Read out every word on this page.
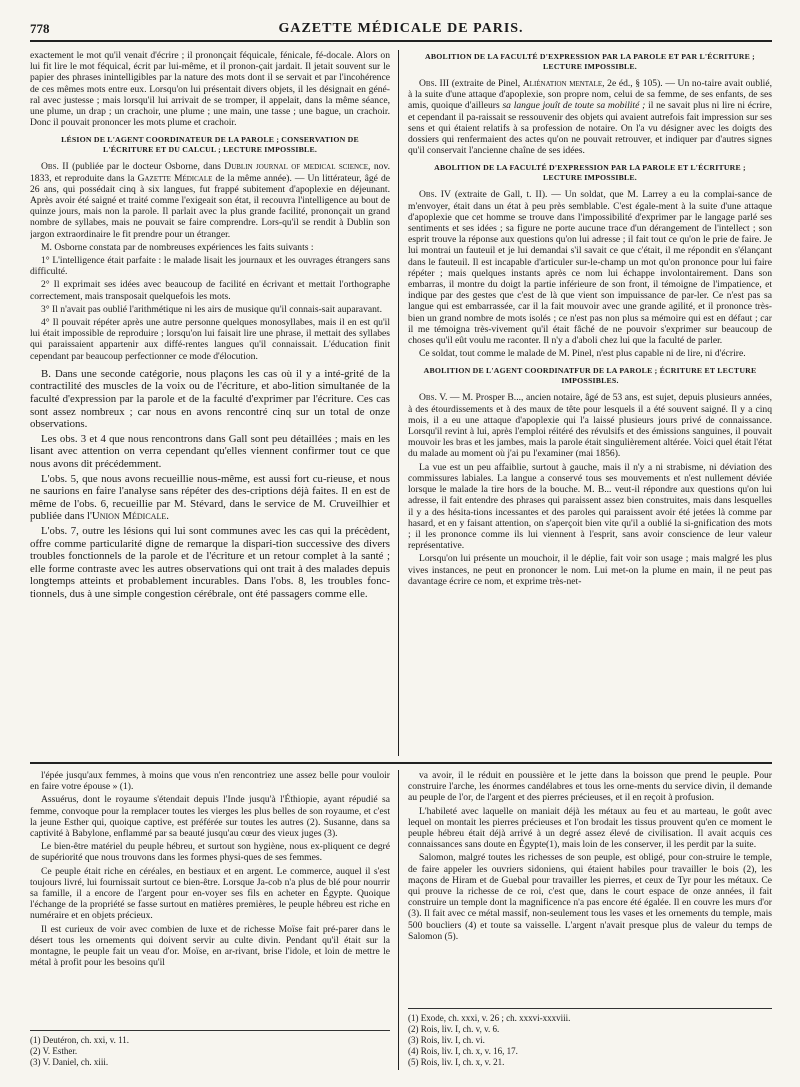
778	GAZETTE MÉDICALE DE PARIS.

exactement le mot qu'il venait d'écrire ; il prononçait féquicale, fénicale, fé-docale. Alors on lui fit lire le mot féquical, écrit par lui-même, et il pronon-çait jardait. Il jetait souvent sur le papier des phrases inintelligibles par la nature des mots dont il se servait et par l'incohérence de ces mêmes mots entre eux. Lorsqu'on lui présentait divers objets, il les désignait en géné-ral avec justesse ; mais lorsqu'il lui arrivait de se tromper, il appelait, dans la même séance, une plume, un drap ; un crachoir, une plume ; une main, une tasse ; une bague, un crachoir. Donc il pouvait prononcer les mots plume et crachoir.

LÉSION DE L'AGENT COORDINATEUR DE LA PAROLE ; CONSERVATION DE L'ÉCRITURE ET DU CALCUL ; LECTURE IMPOSSIBLE.

Obs. II (publiée par le docteur Osborne, dans Dublin journal of medical science, nov. 1833, et reproduite dans la Gazette Médicale de la même année). — Un littérateur, âgé de 26 ans, qui possédait cinq à six langues, fut frappé subitement d'apoplexie en déjeunant. Après avoir été saigné et traité comme l'exigeait son état, il recouvra l'intelligence au bout de quinze jours, mais non la parole. Il parlait avec la plus grande facilité, prononçait un grand nombre de syllabes, mais ne pouvait se faire comprendre. Lors-qu'il se rendit à Dublin son jargon extraordinaire le fit prendre pour un étranger.

M. Osborne constata par de nombreuses expériences les faits suivants :

1° L'intelligence était parfaite : le malade lisait les journaux et les ouvrages étrangers sans difficulté.

2° Il exprimait ses idées avec beaucoup de facilité en écrivant et mettait l'orthographe correctement, mais transposait quelquefois les mots.

3° Il n'avait pas oublié l'arithmétique ni les airs de musique qu'il connais-sait auparavant.

4° Il pouvait répéter après une autre personne quelques monosyllabes, mais il en est qu'il lui était impossible de reproduire ; lorsqu'on lui faisait lire une phrase, il mettait des syllabes qui paraissaient appartenir aux diffé-rentes langues qu'il connaissait. L'éducation finit cependant par beaucoup perfectionner ce mode d'élocution.

B. Dans une seconde catégorie, nous plaçons les cas où il y a inté-grité de la contractilité des muscles de la voix ou de l'écriture, et abo-lition simultanée de la faculté d'expression par la parole et de la faculté d'exprimer par l'écriture. Ces cas sont assez nombreux ; car nous en avons rencontré cinq sur un total de onze observations.

Les obs. 3 et 4 que nous rencontrons dans Gall sont peu détaillées ; mais en les lisant avec attention on verra cependant qu'elles viennent confirmer tout ce que nous avons dit précédemment.

L'obs. 5, que nous avons recueillie nous-même, est aussi fort cu-rieuse, et nous ne saurions en faire l'analyse sans répéter des des-criptions déjà faites. Il en est de même de l'obs. 6, recueillie par M. Stévard, dans le service de M. Cruveilhier et publiée dans l'Union Médicale.

L'obs. 7, outre les lésions qui lui sont communes avec les cas qui la précèdent, offre comme particularité digne de remarque la dispari-tion successive des divers troubles fonctionnels de la parole et de l'écriture et un retour complet à la santé ; elle forme contraste avec les autres observations qui ont trait à des malades depuis longtemps atteints et probablement incurables. Dans l'obs. 8, les troubles fonc-tionnels, dus à une simple congestion cérébrale, ont été passagers comme elle.

ABOLITION DE LA FACULTÉ D'EXPRESSION PAR LA PAROLE ET PAR L'ÉCRITURE ; LECTURE IMPOSSIBLE.

Obs. III (extraite de Pinel, Aliénation mentale, 2e éd., § 105). — Un no-taire avait oublié, à la suite d'une attaque d'apoplexie, son propre nom, celui de sa femme, de ses enfants, de ses amis, quoique d'ailleurs sa langue jouît de toute sa mobilité ; il ne savait plus ni lire ni écrire, et cependant il pa-raissait se ressouvenir des objets qui avaient autrefois fait impression sur ses sens et qui étaient relatifs à sa profession de notaire. On l'a vu désigner avec les doigts des dossiers qui renfermaient des actes qu'on ne pouvait retrouver, et indiquer par d'autres signes qu'il conservait l'ancienne chaîne de ses idées.

ABOLITION DE LA FACULTÉ D'EXPRESSION PAR LA PAROLE ET L'ÉCRITURE ; LECTURE IMPOSSIBLE.

Obs. IV (extraite de Gall, t. II). — Un soldat, que M. Larrey a eu la complai-sance de m'envoyer, était dans un état à peu près semblable. C'est égale-ment à la suite d'une attaque d'apoplexie que cet homme se trouve dans l'impossibilité d'exprimer par le langage parlé ses sentiments et ses idées ; sa figure ne porte aucune trace d'un dérangement de l'intellect ; son esprit trouve la réponse aux questions qu'on lui adresse ; il fait tout ce qu'on le prie de faire. Je lui montrai un fauteuil et je lui demandai s'il savait ce que c'était, il me répondit en s'élançant dans le fauteuil. Il est incapable d'articuler sur-le-champ un mot qu'on prononce pour lui faire répéter ; mais quelques instants après ce nom lui échappe involontairement. Dans son embarras, il montre du doigt la partie inférieure de son front, il témoigne de l'impatience, et indique par des gestes que c'est de là que vient son impuissance de par-ler. Ce n'est pas sa langue qui est embarrassée, car il la fait mouvoir avec une grande agilité, et il prononce très-bien un grand nombre de mots isolés ; ce n'est pas non plus sa mémoire qui est en défaut ; car il me témoigna très-vivement qu'il était fâché de ne pouvoir s'exprimer sur beaucoup de choses qu'il eût voulu me raconter. Il n'y a d'aboli chez lui que la faculté de parler.

Ce soldat, tout comme le malade de M. Pinel, n'est plus capable ni de lire, ni d'écrire.

ABOLITION DE L'AGENT COORDINATFUR DE LA PAROLE ; ÉCRITURE ET LECTURE IMPOSSIBLES.

Obs. V. — M. Prosper B..., ancien notaire, âgé de 53 ans, est sujet, depuis plusieurs années, à des étourdissements et à des maux de tête pour lesquels il a été souvent saigné. Il y a cinq mois, il a eu une attaque d'apoplexie qui l'a laissé plusieurs jours privé de connaissance. Lorsqu'il revint à lui, après l'emploi réitéré des révulsifs et des émissions sanguines, il pouvait mouvoir les bras et les jambes, mais la parole était singulièrement altérée. Voici quel était l'état du malade au moment où j'ai pu l'examiner (mai 1856).

La vue est un peu affaiblie, surtout à gauche, mais il n'y a ni strabisme, ni déviation des commissures labiales. La langue a conservé tous ses mouvements et n'est nullement déviée lorsque le malade la tire hors de la bouche. M. B... veut-il répondre aux questions qu'on lui adresse, il fait entendre des phrases qui paraissent assez bien construites, mais dans lesquelles il y a des hésita-tions incessantes et des paroles qui paraissent avoir été jetées là comme par hasard, et en y faisant attention, on s'aperçoit bien vite qu'il a oublié la si-gnification des mots ; il les prononce comme ils lui viennent à l'esprit, sans avoir conscience de leur valeur représentative.

Lorsqu'on lui présente un mouchoir, il le déplie, fait voir son usage ; mais malgré les plus vives instances, ne peut en prononcer le nom. Lui met-on la plume en main, il ne peut pas davantage écrire ce nom, et exprime très-net-

l'épée jusqu'aux femmes, à moins que vous n'en rencontriez une assez belle pour vouloir en faire votre épouse » (1).

Assuérus, dont le royaume s'étendait depuis l'Inde jusqu'à l'Éthiopie, ayant répudié sa femme, convoque pour la remplacer toutes les vierges les plus belles de son royaume, et c'est la jeune Esther qui, quoique captive, est préférée sur toutes les autres (2). Susanne, dans sa captivité à Babylone, enflammé par sa beauté jusqu'au cœur des vieux juges (3).

Le bien-être matériel du peuple hébreu, et surtout son hygiène, nous ex-pliquent ce degré de supériorité que nous trouvons dans les formes physi-ques de ses femmes.

Ce peuple était riche en céréales, en bestiaux et en argent. Le commerce, auquel il s'est toujours livré, lui fournissait surtout ce bien-être. Lorsque Ja-cob n'a plus de blé pour nourrir sa famille, il a encore de l'argent pour en-voyer ses fils en acheter en Égypte. Quoique l'échange de la propriété se fasse surtout en matières premières, le peuple hébreu est riche en numéraire et en objets précieux.

Il est curieux de voir avec combien de luxe et de richesse Moïse fait pré-parer dans le désert tous les ornements qui doivent servir au culte divin. Pendant qu'il était sur la montagne, le peuple fait un veau d'or. Moïse, en ar-rivant, brise l'idole, et loin de mettre le métal à profit pour les besoins qu'il

(1) Deutéron, ch. xxi, v. 11.
(2) V. Esther.
(3) V. Daniel, ch. xiii.

va avoir, il le réduit en poussière et le jette dans la boisson que prend le peuple. Pour construire l'arche, les énormes candélabres et tous les orne-ments du service divin, il demande au peuple de l'or, de l'argent et des pierres précieuses, et il en reçoit à profusion.

L'habileté avec laquelle on maniait déjà les métaux au feu et au marteau, le goût avec lequel on montait les pierres précieuses et l'on brodait les tissus prouvent qu'en ce moment le peuple hébreu était déjà arrivé à un degré assez élevé de civilisation. Il avait acquis ces connaissances sans doute en Égypte(1), mais loin de les conserver, il les perdit par la suite.

Salomon, malgré toutes les richesses de son peuple, est obligé, pour con-struire le temple, de faire appeler les ouvriers sidoniens, qui étaient habiles pour travailler le bois (2), les maçons de Hiram et de Guebal pour travailler les pierres, et ceux de Tyr pour les métaux. Ce qui prouve la richesse de ce roi, c'est que, dans le court espace de onze années, il fait construire un temple dont la magnificence n'a pas encore été égalée. Il en couvre les murs d'or (3). Il fait avec ce métal massif, non-seulement tous les vases et les ornements du temple, mais 500 boucliers (4) et toute sa vaisselle. L'argent n'avait presque plus de valeur du temps de Salomon (5).

(1) Exode, ch. xxxi, v. 26 ; ch. xxxvi-xxxviii.
(2) Rois, liv. I, ch. v, v. 6.
(3) Rois, liv. I, ch. vi.
(4) Rois, liv. I, ch. x, v. 16, 17.
(5) Rois, liv. I, ch. x, v. 21.
